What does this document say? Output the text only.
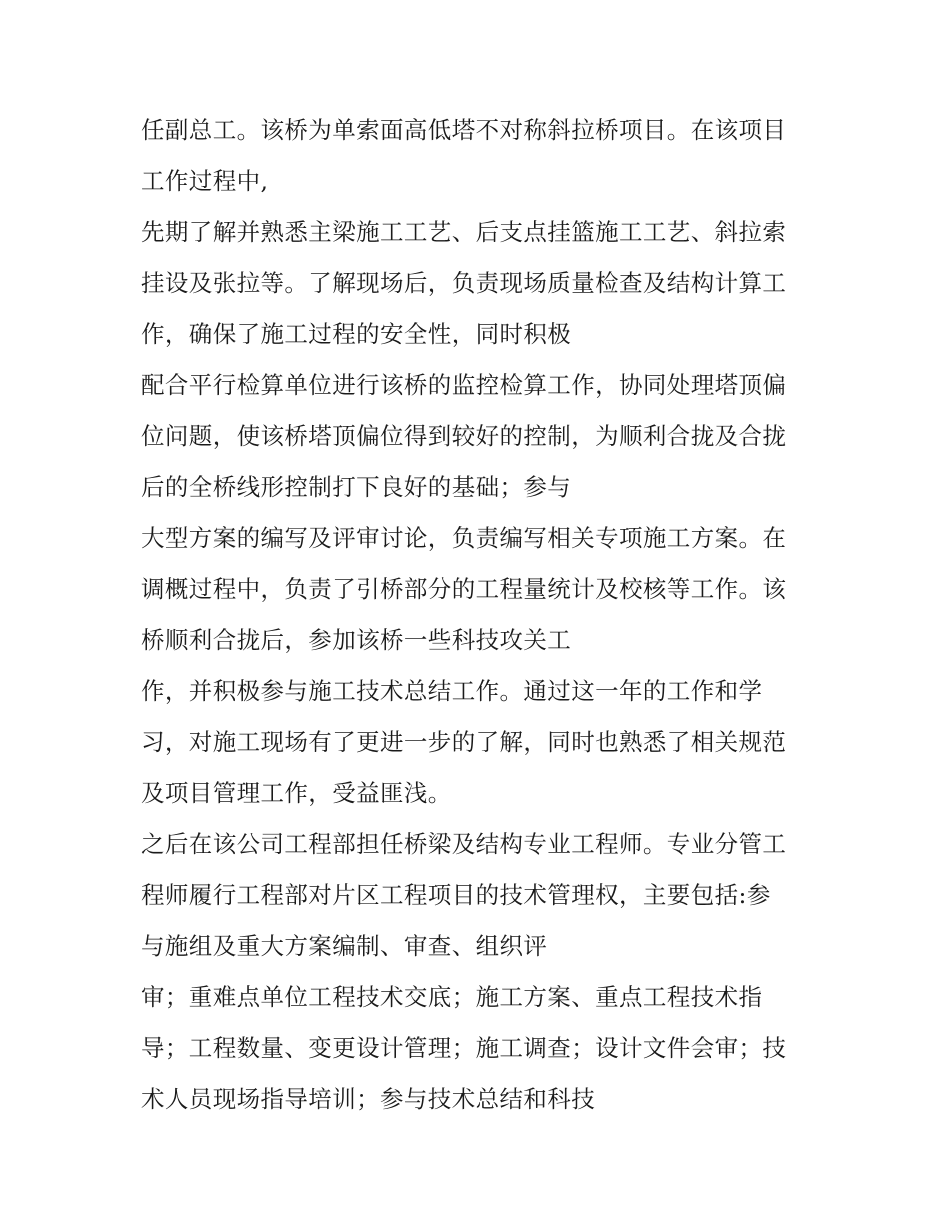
任副总工。该桥为单索面高低塔不对称斜拉桥项目。在该项目
工作过程中,
先期了解并熟悉主梁施工工艺、后支点挂篮施工工艺、斜拉索
挂设及张拉等。了解现场后，负责现场质量检查及结构计算工
作，确保了施工过程的安全性，同时积极
配合平行检算单位进行该桥的监控检算工作，协同处理塔顶偏
位问题，使该桥塔顶偏位得到较好的控制，为顺利合拢及合拢
后的全桥线形控制打下良好的基础；参与
大型方案的编写及评审讨论，负责编写相关专项施工方案。在
调概过程中，负责了引桥部分的工程量统计及校核等工作。该
桥顺利合拢后，参加该桥一些科技攻关工
作，并积极参与施工技术总结工作。通过这一年的工作和学
习，对施工现场有了更进一步的了解，同时也熟悉了相关规范
及项目管理工作，受益匪浅。
之后在该公司工程部担任桥梁及结构专业工程师。专业分管工
程师履行工程部对片区工程项目的技术管理权，主要包括:参
与施组及重大方案编制、审查、组织评
审；重难点单位工程技术交底；施工方案、重点工程技术指
导；工程数量、变更设计管理；施工调查；设计文件会审；技
术人员现场指导培训；参与技术总结和科技
